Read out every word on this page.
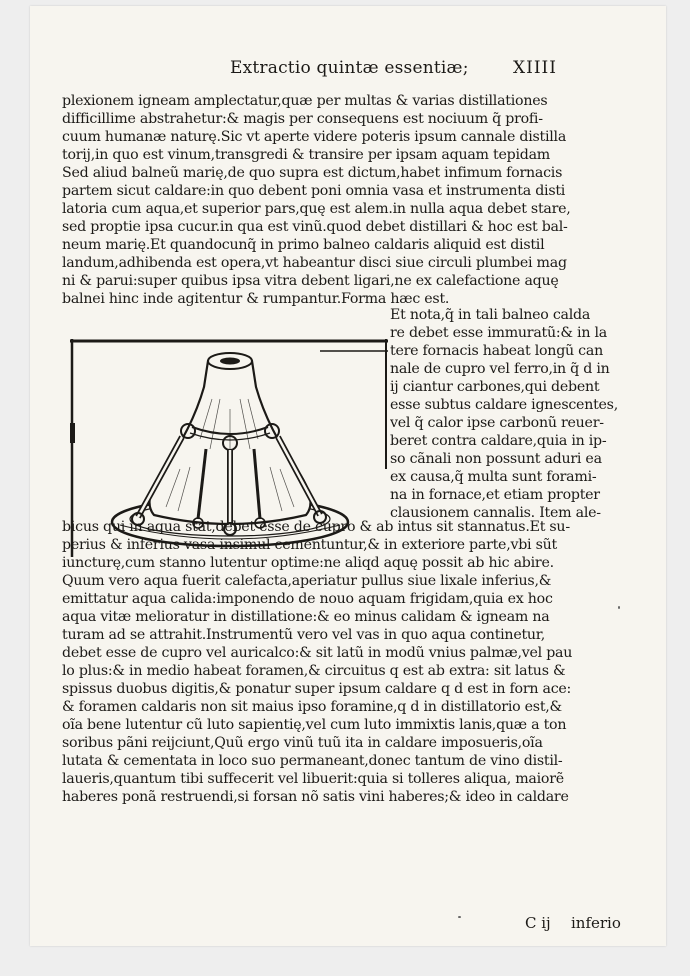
Extractio quintæ essentiæ;	XIIII
plexionem igneam amplectatur,quæ per multas & varias distillationes
difficillime abstrahetur:& magis per consequens est nociuum q̃ profi-
cuum humanæ naturę.Sic vt aperte videre poteris ipsum cannale distilla
torij,in quo est vinum,transgredi & transire per ipsam aquam tepidam
Sed aliud balneũ marię,de quo supra est dictum,habet infimum fornacis
partem sicut caldare:in quo debent poni omnia vasa et instrumenta disti
latoria cum aqua,et superior pars,quę est alem.in nulla aqua debet stare,
sed proptie ipsa cucur.in qua est vinũ.quod debet distillari & hoc est bal-
neum marię.Et quandocunq̃ in primo balneo caldaris aliquid est distil
landum,adhibenda est opera,vt habeantur disci siue circuli plumbei mag
ni & parui:super quibus ipsa vitra debent ligari,ne ex calefactione aquę
balnei hinc inde agitentur & rumpantur.Forma hæc est.
Et nota,q̃ in tali balneo calda
re debet esse immuratũ:& in la
tere fornacis habeat longũ can
nale de cupro vel ferro,in q̃ d in
ij ciantur carbones,qui debent
esse subtus caldare ignescentes,
vel q̃ calor ipse carbonũ reuer-
beret contra caldare,quia in ip-
so cãnali non possunt aduri ea
ex causa,q̃ multa sunt forami-
na in fornace,et etiam propter
clausionem cannalis. Item ale-
bicus qui in aqua stat,debet esse de cupro & ab intus sit stannatus.Et su-
perius & inferius vasa insimul cementuntur,& in exteriore parte,vbi sũt
iuncturę,cum stanno lutentur optime:ne aliqd aquę possit ab hic abire.
Quum vero aqua fuerit calefacta,aperiatur pullus siue lixale inferius,&
emittatur aqua calida:imponendo de nouo aquam frigidam,quia ex hoc
aqua vitæ melioratur in distillatione:& eo minus calidam & igneam na
turam ad se attrahit.Instrumentũ vero vel vas in quo aqua continetur,
debet esse de cupro vel auricalco:& sit latũ in modũ vnius palmæ,vel pau
lo plus:& in medio habeat foramen,& circuitus q est ab extra: sit latus &
spissus duobus digitis,& ponatur super ipsum caldare q d est in forn ace:
& foramen caldaris non sit maius ipso foramine,q d in distillatorio est,&
oĩa bene lutentur cũ luto sapientię,vel cum luto immixtis lanis,quæ a ton
soribus pãni reijciunt,Quũ ergo vinũ tuũ ita in caldare imposueris,oĩa
lutata & cementata in loco suo permaneant,donec tantum de vino distil-
laueris,quantum tibi suffecerit vel libuerit:quia si tolleres aliqua, maiorẽ
haberes ponã restruendi,si forsan nõ satis vini haberes;& ideo in caldare
C ij inferio
